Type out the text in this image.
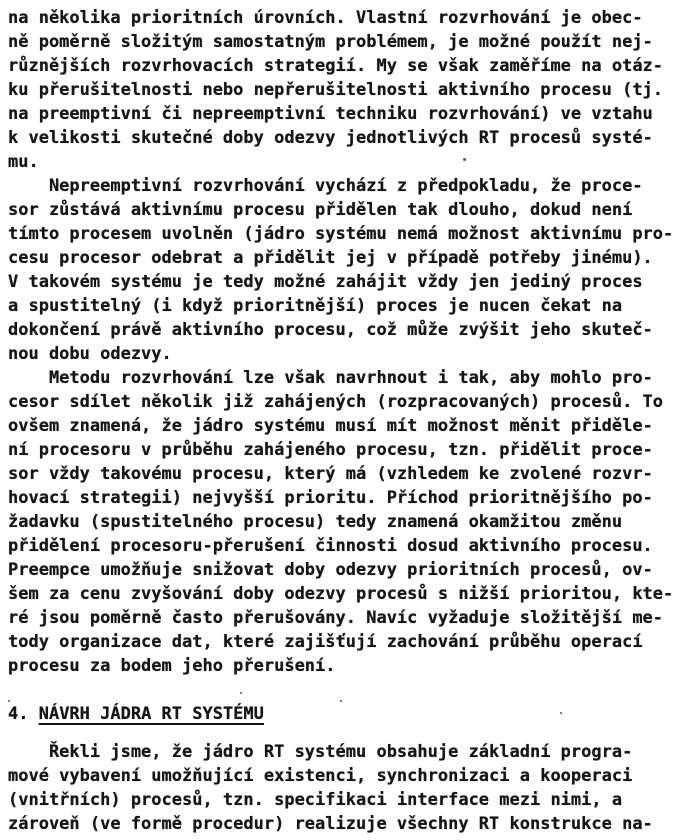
na několika prioritních úrovních. Vlastní rozvrhování je obec-
ně poměrně složitým samostatným problémem, je možné použít nej-
různějších rozvrhovacích strategií. My se však zaměříme na otáz-
ku přerušitelnosti nebo nepřerušitelnosti aktivního procesu (tj.
na preemptivní či nepreemptivní techniku rozvrhování) ve vztahu
k velikosti skutečné doby odezvy jednotlivých RT procesů systé-
mu.
Nepreemptivní rozvrhování vychází z předpokladu, že proce-
sor zůstává aktivnímu procesu přidělen tak dlouho, dokud není
tímto procesem uvolněn (jádro systému nemá možnost aktivnímu pro-
cesu procesor odebrat a přidělit jej v případě potřeby jinému).
V takovém systému je tedy možné zahájit vždy jen jediný proces
a spustitelný (i když prioritnější) proces je nucen čekat na
dokončení právě aktivního procesu, což může zvýšit jeho skuteč-
nou dobu odezvy.
Metodu rozvrhování lze však navrhnout i tak, aby mohlo pro-
cesor sdílet několik již zahájených (rozpracovaných) procesů. To
ovšem znamená, že jádro systému musí mít možnost měnit přiděle-
ní procesoru v průběhu zahájeného procesu, tzn. přidělit proce-
sor vždy takovému procesu, který má (vzhledem ke zvolené rozvr-
hovací strategii) nejvyšší prioritu. Příchod prioritnějšího po-
žadavku (spustitelného procesu) tedy znamená okamžitou změnu
přidělení procesoru-přerušení činnosti dosud aktivního procesu.
Preempce umožňuje snižovat doby odezvy prioritních procesů, ov-
šem za cenu zvyšování doby odezvy procesů s nižší prioritou, kte-
ré jsou poměrně často přerušovány. Navíc vyžaduje složitější me-
tody organizace dat, které zajišťují zachování průběhu operací
procesu za bodem jeho přerušení.
4. NÁVRH JÁDRA RT SYSTÉMU
Řekli jsme, že jádro RT systému obsahuje základní progra-
mové vybavení umožňující existenci, synchronizaci a kooperaci
(vnitřních) procesů, tzn. specifikaci interface mezi nimi, a
zároveň (ve formě procedur) realizuje všechny RT konstrukce na-
